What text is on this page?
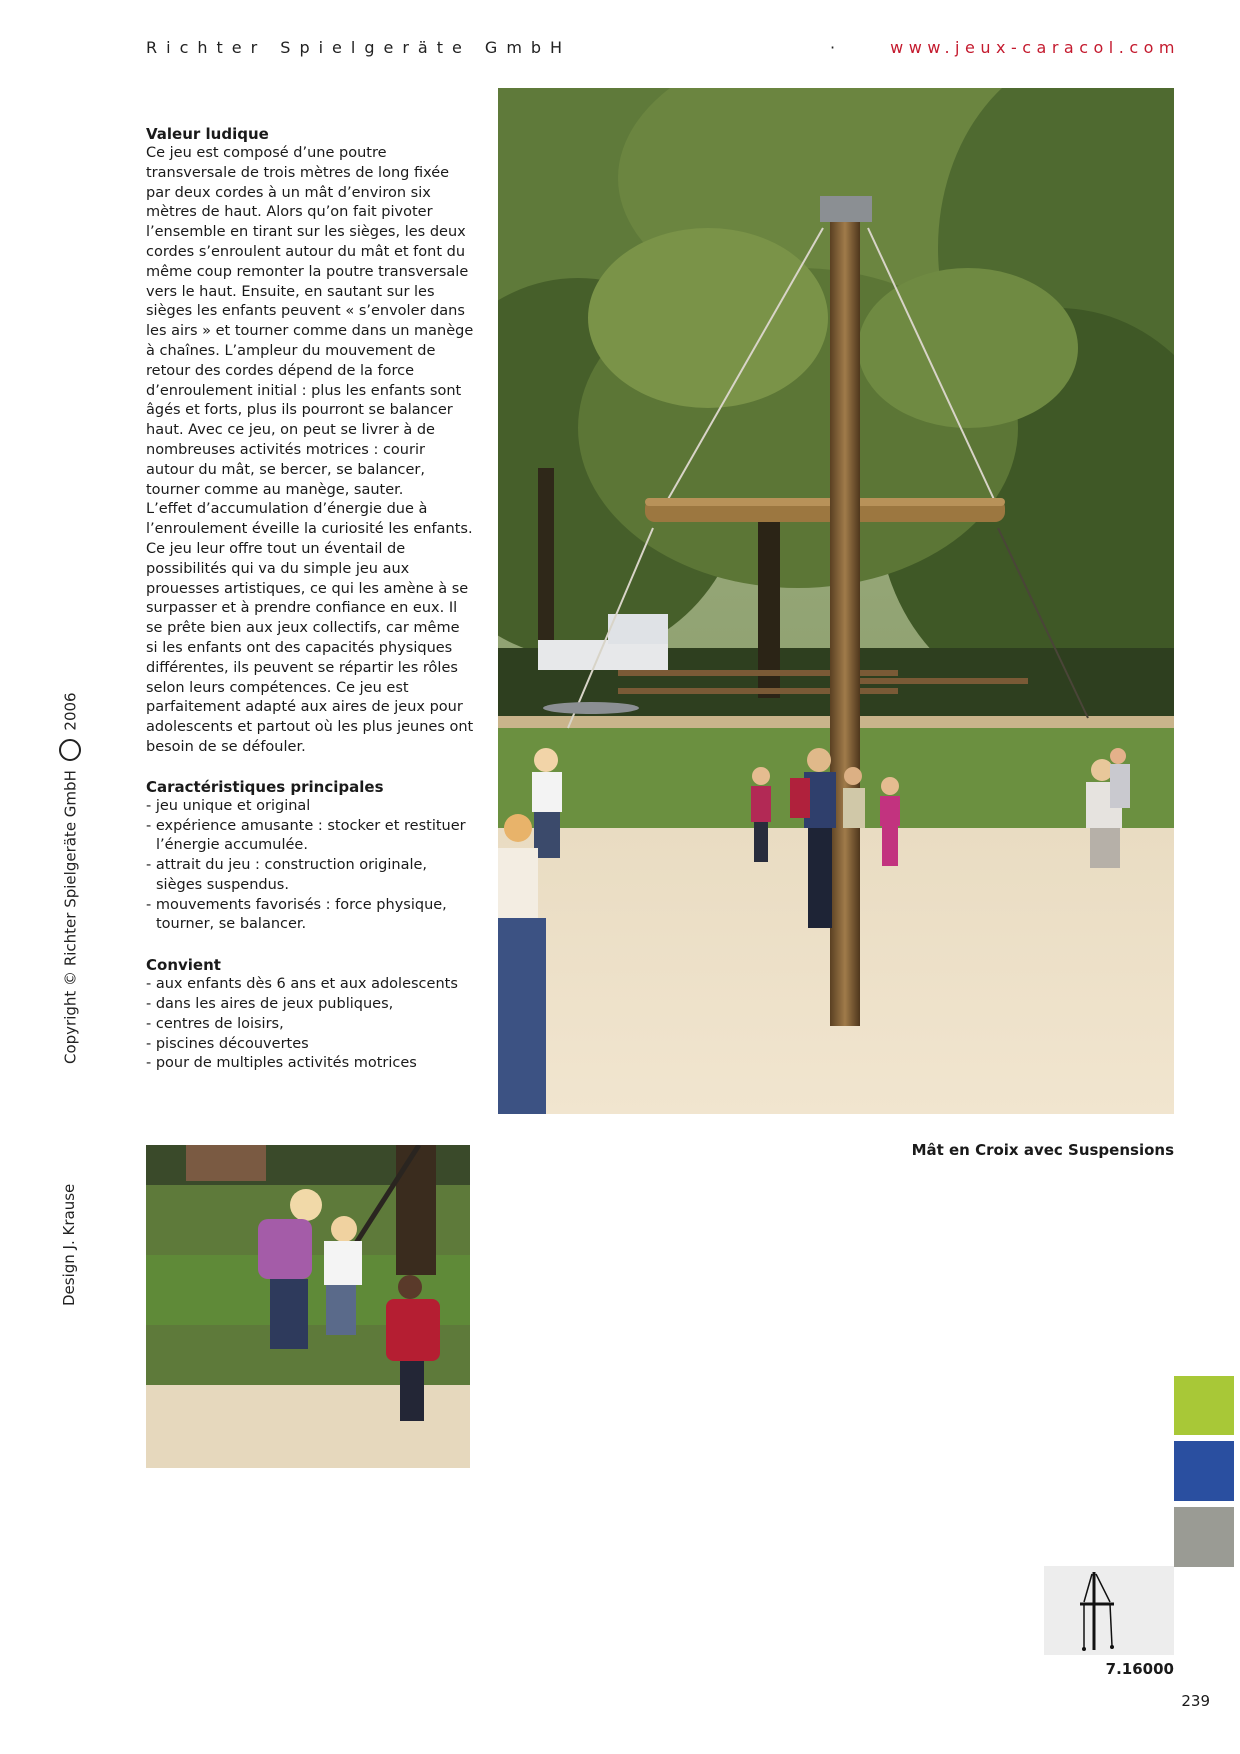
Richter Spielgeräte GmbH	·	www.jeux-caracol.com
Valeur ludique

Ce jeu est composé d’une poutre transversale de trois mètres de long fixée par deux cordes à un mât d’environ six mètres de haut. Alors qu’on fait pivoter l’ensemble en tirant sur les sièges, les deux cordes s’enroulent autour du mât et font du même coup remonter la poutre transversale vers le haut. Ensuite, en sautant sur les sièges les enfants peuvent « s’envoler dans les airs » et tourner comme dans un manège à chaînes. L’ampleur du mouvement de retour des cordes dépend de la force d’enroulement initial : plus les enfants sont âgés et forts, plus ils pourront se balancer haut. Avec ce jeu, on peut se livrer à de nombreuses activités motrices : courir autour du mât, se bercer, se balancer, tourner comme au manège, sauter.

L’effet d’accumulation d’énergie due à l’enroulement éveille la curiosité les enfants. Ce jeu leur offre tout un éventail de possibilités qui va du simple jeu aux prouesses artistiques, ce qui les amène à se surpasser et à prendre confiance en eux. Il se prête bien aux jeux collectifs, car même si les enfants ont des capacités physiques différentes, ils peuvent se répartir les rôles selon leurs compétences. Ce jeu est parfaitement adapté aux aires de jeux pour adolescents et partout où les plus jeunes ont besoin de se défouler.

Caractéristiques principales
- jeu unique et original
- expérience amusante : stocker et restituer l’énergie accumulée.
- attrait du jeu : construction originale, sièges suspendus.
- mouvements favorisés : force physique, tourner, se balancer.
Convient
- aux enfants dès 6 ans et aux adolescents
- dans les aires de jeux publiques,
- centres de loisirs,
- piscines découvertes
- pour de multiples activités motrices
Mât en Croix avec Suspensions
Copyright © Richter Spielgeräte GmbH  2006
Design J. Krause
7.16000
239
